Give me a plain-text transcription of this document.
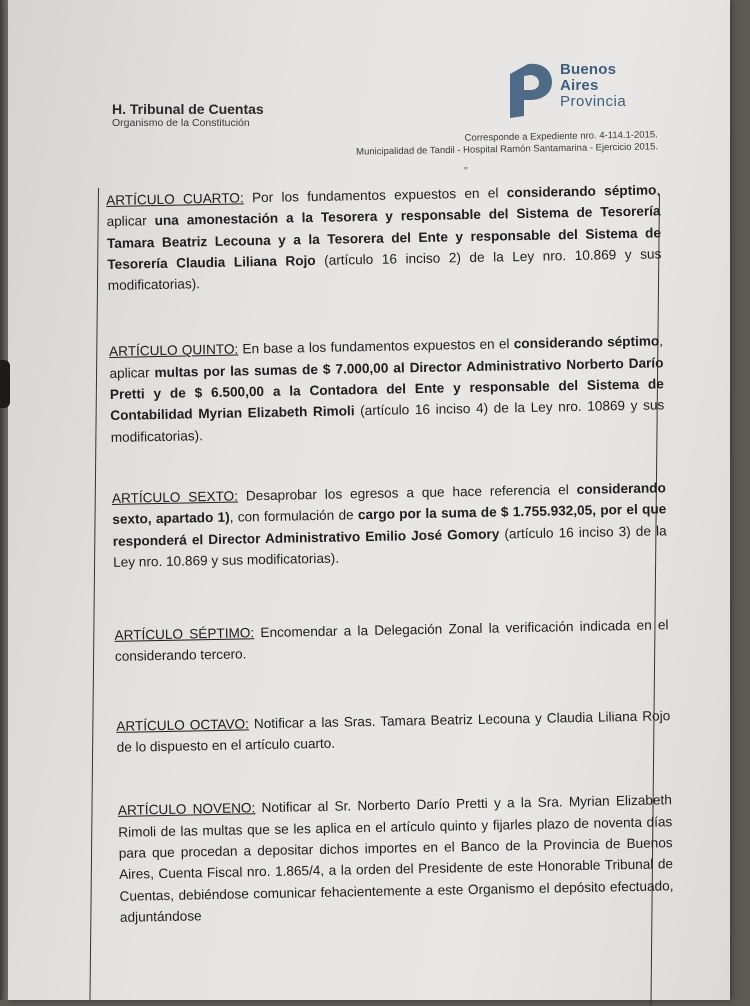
Buenos
Aires
Provincia
H. Tribunal de Cuentas
Organismo de la Constitución
Corresponde a Expediente nro. 4-114.1-2015.
Municipalidad de Tandil - Hospital Ramón Santamarina - Ejercicio 2015.
"

ARTÍCULO CUARTO: Por los fundamentos expuestos en el considerando séptimo, aplicar una amonestación a la Tesorera y responsable del Sistema de Tesorería Tamara Beatriz Lecouna y a la Tesorera del Ente y responsable del Sistema de Tesorería Claudia Liliana Rojo (artículo 16 inciso 2) de la Ley nro. 10.869 y sus modificatorias).

ARTÍCULO QUINTO: En base a los fundamentos expuestos en el considerando séptimo, aplicar multas por las sumas de $ 7.000,00 al Director Administrativo Norberto Darío Pretti y de $ 6.500,00 a la Contadora del Ente y responsable del Sistema de Contabilidad Myrian Elizabeth Rimoli (artículo 16 inciso 4) de la Ley nro. 10869 y sus modificatorias).

ARTÍCULO SEXTO: Desaprobar los egresos a que hace referencia el considerando sexto, apartado 1), con formulación de cargo por la suma de $ 1.755.932,05, por el que responderá el Director Administrativo Emilio José Gomory (artículo 16 inciso 3) de la Ley nro. 10.869 y sus modificatorias).

ARTÍCULO SÉPTIMO: Encomendar a la Delegación Zonal la verificación indicada en el considerando tercero.

ARTÍCULO OCTAVO: Notificar a las Sras. Tamara Beatriz Lecouna y Claudia Liliana Rojo de lo dispuesto en el artículo cuarto.

ARTÍCULO NOVENO: Notificar al Sr. Norberto Darío Pretti y a la Sra. Myrian Elizabeth Rimoli de las multas que se les aplica en el artículo quinto y fijarles plazo de noventa días para que procedan a depositar dichos importes en el Banco de la Provincia de Buenos Aires, Cuenta Fiscal nro. 1.865/4, a la orden del Presidente de este Honorable Tribunal de Cuentas, debiéndose comunicar fehacientemente a este Organismo el depósito efectuado, adjuntándose
